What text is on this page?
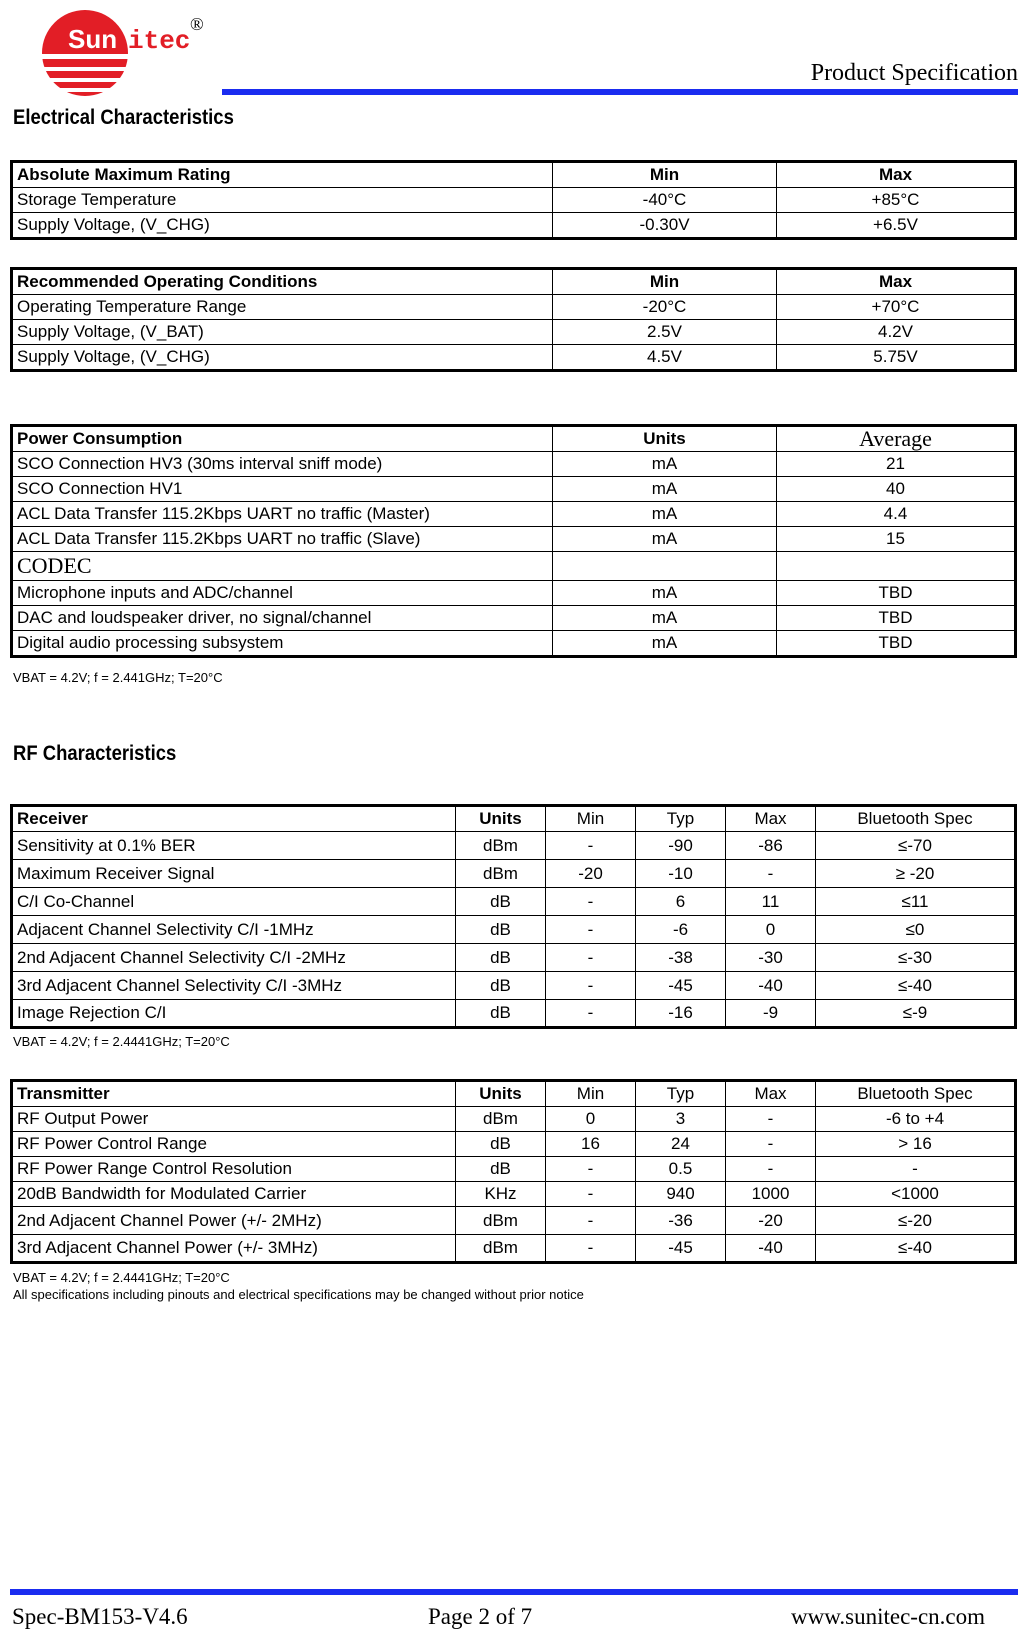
Sun itec
®
Product Specification
Electrical Characteristics
Absolute Maximum Rating	Min	Max
Storage Temperature	-40°C	+85°C
Supply Voltage, (V_CHG)	-0.30V	+6.5V
Recommended Operating Conditions	Min	Max
Operating Temperature Range	-20°C	+70°C
Supply Voltage, (V_BAT)	2.5V	4.2V
Supply Voltage, (V_CHG)	4.5V	5.75V
Power Consumption	Units	Average
SCO Connection HV3 (30ms interval sniff mode)	mA	21
SCO Connection HV1	mA	40
ACL Data Transfer 115.2Kbps UART no traffic (Master)	mA	4.4
ACL Data Transfer 115.2Kbps UART no traffic (Slave)	mA	15
CODEC		
Microphone inputs and ADC/channel	mA	TBD
DAC and loudspeaker driver, no signal/channel	mA	TBD
Digital audio processing subsystem	mA	TBD
VBAT = 4.2V; f = 2.441GHz; T=20°C
RF Characteristics
Receiver	Units	Min	Typ	Max	Bluetooth Spec
Sensitivity at 0.1% BER	dBm	-	-90	-86	≤-70
Maximum Receiver Signal	dBm	-20	-10	-	≥ -20
C/I Co-Channel	dB	-	6	11	≤11
Adjacent Channel Selectivity C/I -1MHz	dB	-	-6	0	≤0
2nd Adjacent Channel Selectivity C/I -2MHz	dB	-	-38	-30	≤-30
3rd Adjacent Channel Selectivity C/I -3MHz	dB	-	-45	-40	≤-40
Image Rejection C/I	dB	-	-16	-9	≤-9
VBAT = 4.2V; f = 2.4441GHz; T=20°C
Transmitter	Units	Min	Typ	Max	Bluetooth Spec
RF Output Power	dBm	0	3	-	-6 to +4
RF Power Control Range	dB	16	24	-	> 16
RF Power Range Control Resolution	dB	-	0.5	-	-
20dB Bandwidth for Modulated Carrier	KHz	-	940	1000	<1000
2nd Adjacent Channel Power (+/- 2MHz)	dBm	-	-36	-20	≤-20
3rd Adjacent Channel Power (+/- 3MHz)	dBm	-	-45	-40	≤-40
VBAT = 4.2V; f = 2.4441GHz; T=20°C
All specifications including pinouts and electrical specifications may be changed without prior notice
Spec-BM153-V4.6	Page 2 of 7	www.sunitec-cn.com
